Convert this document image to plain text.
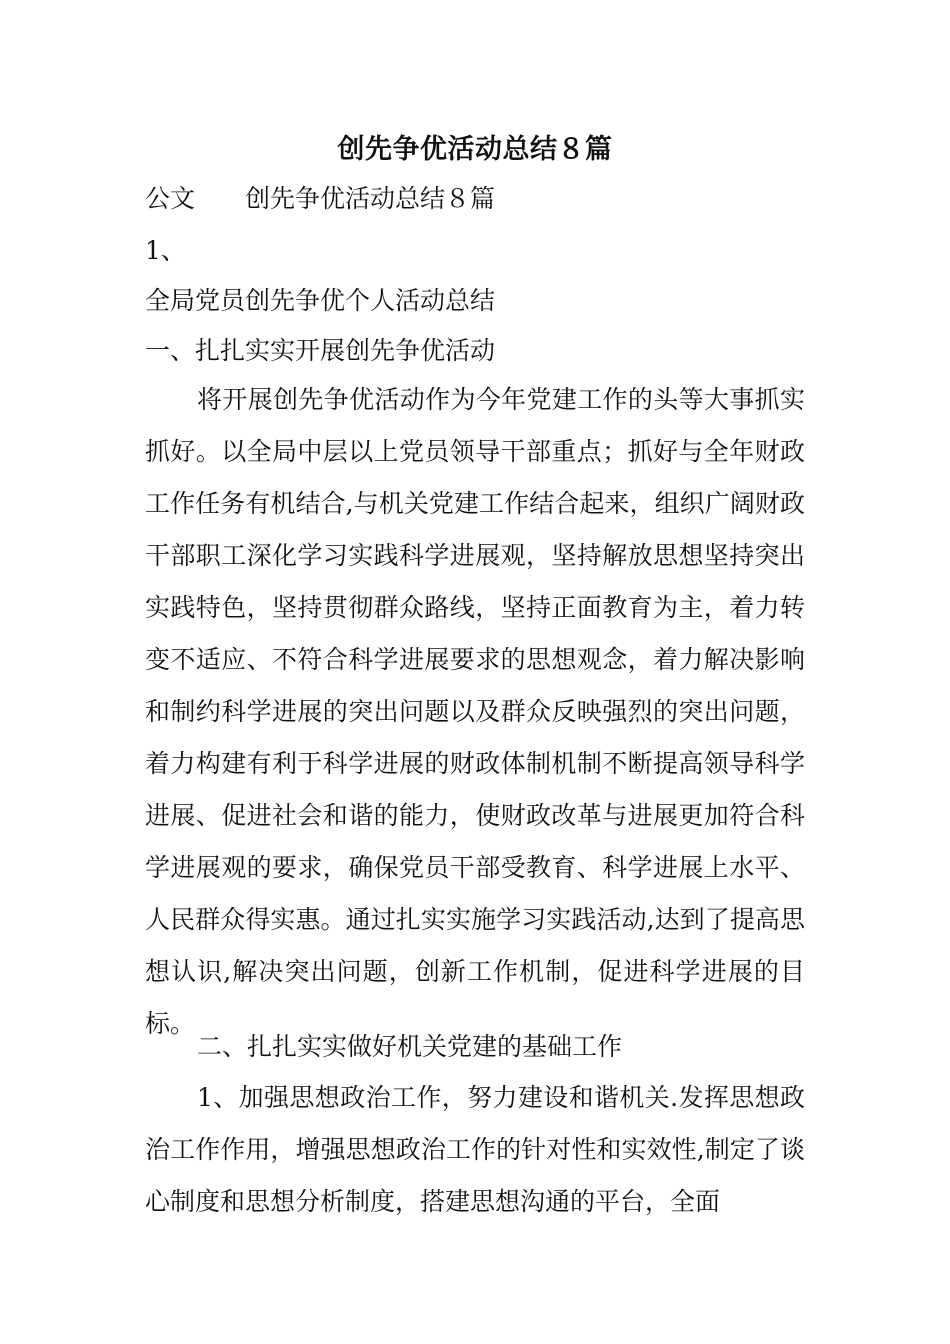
创先争优活动总结８篇
公文 创先争优活动总结８篇
1、
全局党员创先争优个人活动总结
一、扎扎实实开展创先争优活动
将开展创先争优活动作为今年党建工作的头等大事抓实抓好。以全局中层以上党员领导干部重点；抓好与全年财政工作任务有机结合,与机关党建工作结合起来，组织广阔财政干部职工深化学习实践科学进展观，坚持解放思想坚持突出实践特色，坚持贯彻群众路线，坚持正面教育为主，着力转变不适应、不符合科学进展要求的思想观念，着力解决影响和制约科学进展的突出问题以及群众反映强烈的突出问题，着力构建有利于科学进展的财政体制机制不断提高领导科学进展、促进社会和谐的能力，使财政改革与进展更加符合科学进展观的要求，确保党员干部受教育、科学进展上水平、人民群众得实惠。通过扎实实施学习实践活动,达到了提高思想认识,解决突出问题，创新工作机制，促进科学进展的目标。
二、扎扎实实做好机关党建的基础工作
1、加强思想政治工作，努力建设和谐机关.发挥思想政治工作作用，增强思想政治工作的针对性和实效性,制定了谈心制度和思想分析制度，搭建思想沟通的平台，全面
